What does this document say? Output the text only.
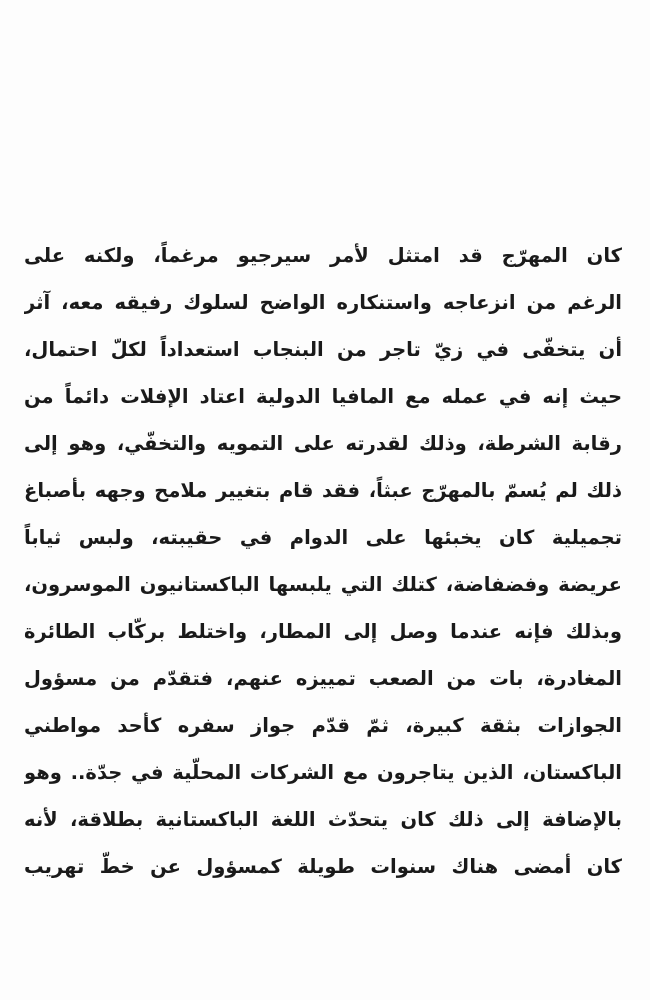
كان المهرّج قد امتثل لأمر سيرجيو مرغماً، ولكنه على
الرغم من انزعاجه واستنكاره الواضح لسلوك رفيقه معه، آثر
أن يتخفّى في زيّ تاجر من البنجاب استعداداً لكلّ احتمال،
حيث إنه في عمله مع المافيا الدولية اعتاد الإفلات دائماً من
رقابة الشرطة، وذلك لقدرته على التمويه والتخفّي، وهو إلى
ذلك لم يُسمّ بالمهرّج عبثاً، فقد قام بتغيير ملامح وجهه بأصباغ
تجميلية كان يخبئها على الدوام في حقيبته، ولبس ثياباً
عريضة وفضفاضة، كتلك التي يلبسها الباكستانيون الموسرون،
وبذلك فإنه عندما وصل إلى المطار، واختلط بركّاب الطائرة
المغادرة، بات من الصعب تمييزه عنهم، فتقدّم من مسؤول
الجوازات بثقة كبيرة، ثمّ قدّم جواز سفره كأحد مواطني
الباكستان، الذين يتاجرون مع الشركات المحلّية في جدّة.. وهو
بالإضافة إلى ذلك كان يتحدّث اللغة الباكستانية بطلاقة، لأنه
كان أمضى هناك سنوات طويلة كمسؤول عن خطّ تهريب
